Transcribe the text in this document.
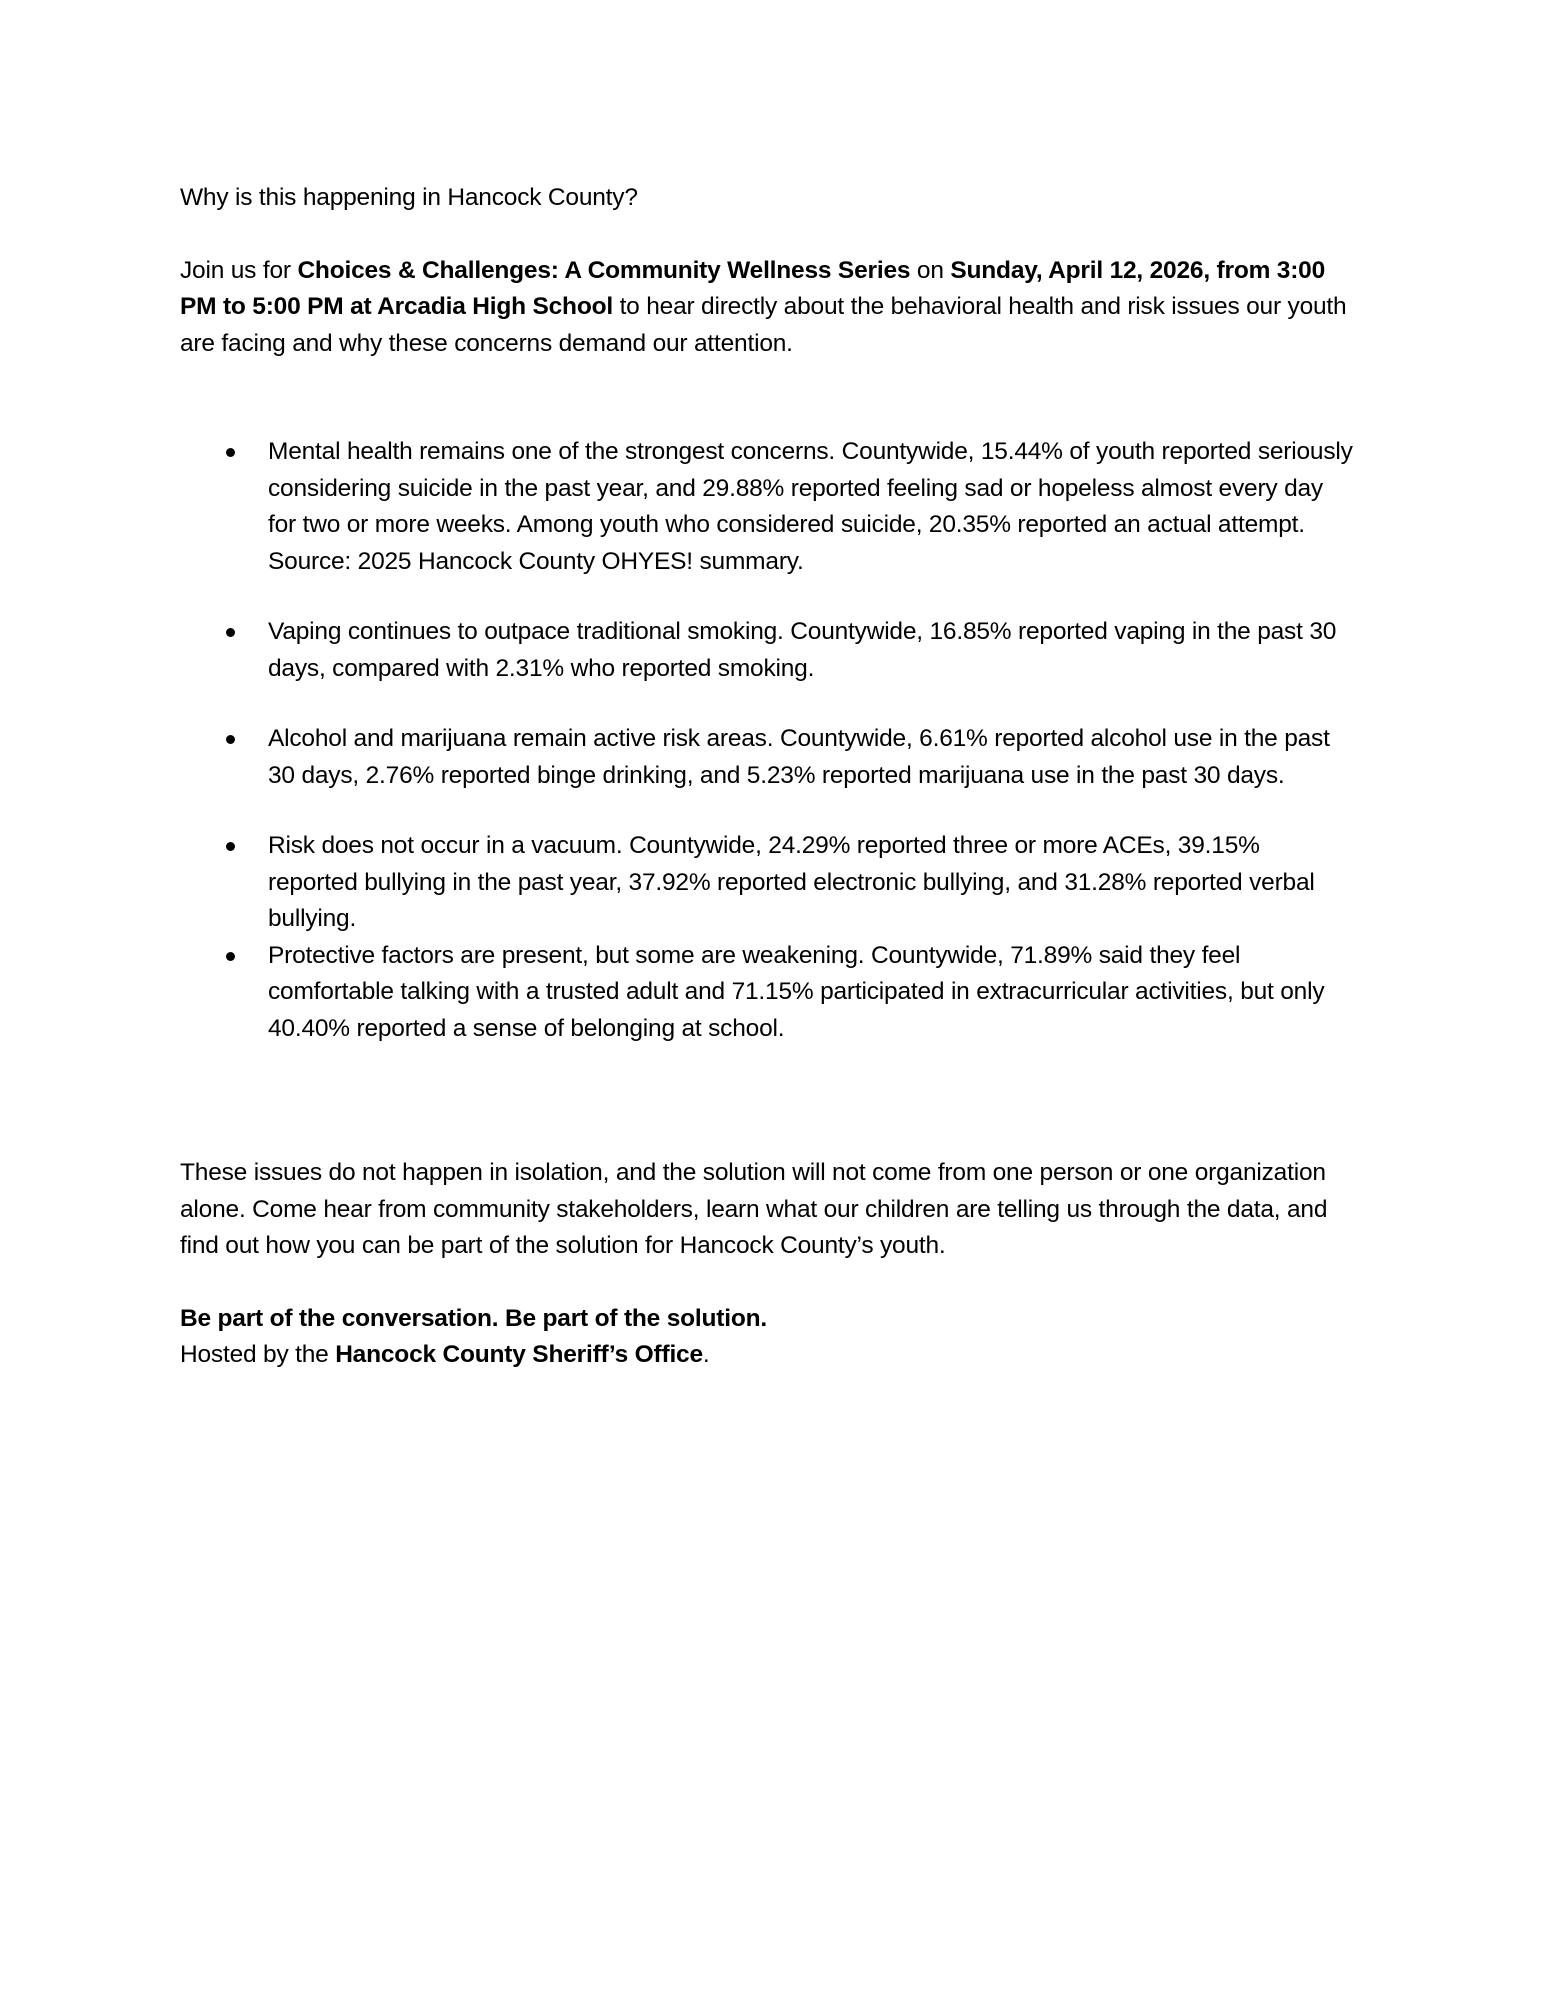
Why is this happening in Hancock County?

Join us for Choices & Challenges: A Community Wellness Series on Sunday, April 12, 2026, from 3:00 PM to 5:00 PM at Arcadia High School to hear directly about the behavioral health and risk issues our youth are facing and why these concerns demand our attention.

Mental health remains one of the strongest concerns. Countywide, 15.44% of youth reported seriously considering suicide in the past year, and 29.88% reported feeling sad or hopeless almost every day for two or more weeks. Among youth who considered suicide, 20.35% reported an actual attempt. Source: 2025 Hancock County OHYES! summary.
Vaping continues to outpace traditional smoking. Countywide, 16.85% reported vaping in the past 30 days, compared with 2.31% who reported smoking.
Alcohol and marijuana remain active risk areas. Countywide, 6.61% reported alcohol use in the past 30 days, 2.76% reported binge drinking, and 5.23% reported marijuana use in the past 30 days.
Risk does not occur in a vacuum. Countywide, 24.29% reported three or more ACEs, 39.15% reported bullying in the past year, 37.92% reported electronic bullying, and 31.28% reported verbal bullying.
Protective factors are present, but some are weakening. Countywide, 71.89% said they feel comfortable talking with a trusted adult and 71.15% participated in extracurricular activities, but only 40.40% reported a sense of belonging at school.

These issues do not happen in isolation, and the solution will not come from one person or one organization alone. Come hear from community stakeholders, learn what our children are telling us through the data, and find out how you can be part of the solution for Hancock County’s youth.

Be part of the conversation. Be part of the solution.

Hosted by the Hancock County Sheriff’s Office.
